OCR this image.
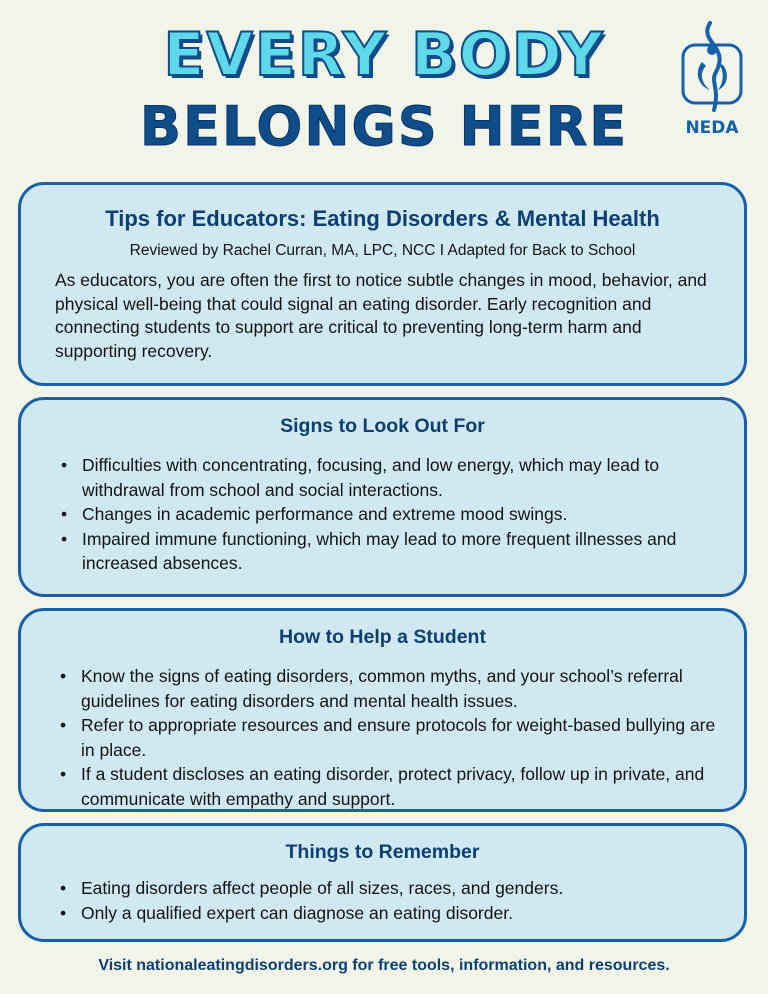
EVERY BODY
BELONGS HERE	NEDA
Tips for Educators: Eating Disorders & Mental Health
Reviewed by Rachel Curran, MA, LPC, NCC I Adapted for Back to School

As educators, you are often the first to notice subtle changes in mood, behavior, and physical well-being that could signal an eating disorder. Early recognition and connecting students to support are critical to preventing long-term harm and supporting recovery.

Signs to Look Out For
• Difficulties with concentrating, focusing, and low energy, which may lead to withdrawal from school and social interactions.
• Changes in academic performance and extreme mood swings.
• Impaired immune functioning, which may lead to more frequent illnesses and increased absences.
How to Help a Student
• Know the signs of eating disorders, common myths, and your school’s referral guidelines for eating disorders and mental health issues.
• Refer to appropriate resources and ensure protocols for weight-based bullying are in place.
• If a student discloses an eating disorder, protect privacy, follow up in private, and communicate with empathy and support.
Things to Remember
• Eating disorders affect people of all sizes, races, and genders.
• Only a qualified expert can diagnose an eating disorder.
Visit nationaleatingdisorders.org for free tools, information, and resources.
